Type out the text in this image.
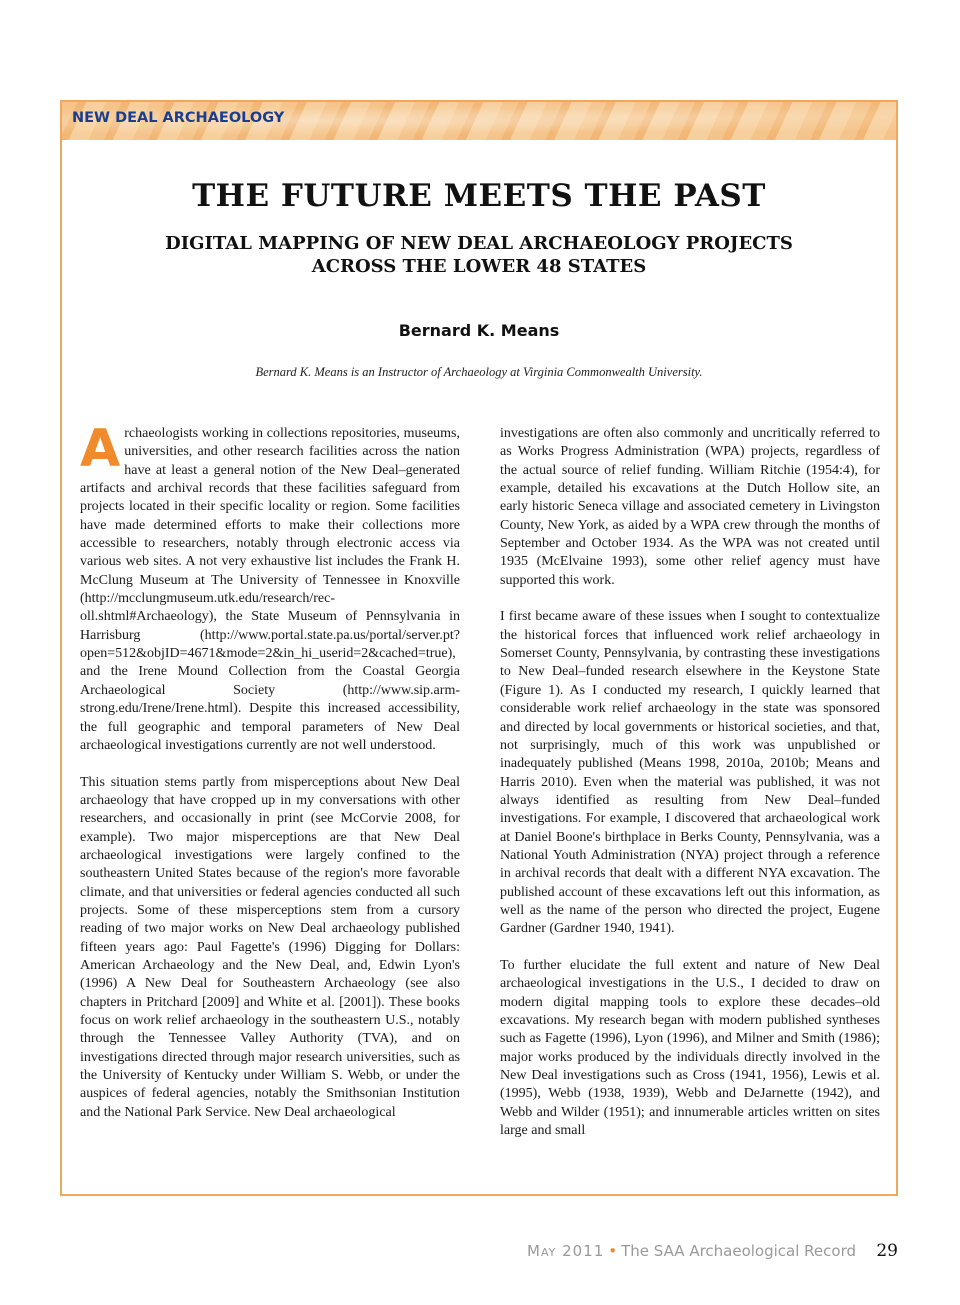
NEW DEAL ARCHAEOLOGY
THE FUTURE MEETS THE PAST
DIGITAL MAPPING OF NEW DEAL ARCHAEOLOGY PROJECTS
ACROSS THE LOWER 48 STATES
Bernard K. Means
Bernard K. Means is an Instructor of Archaeology at Virginia Commonwealth University.

Archaeologists working in collections repositories, museums, universities, and other research facilities across the nation have at least a general notion of the New Deal–generated artifacts and archival records that these facilities safeguard from projects located in their specific locality or region. Some facilities have made determined efforts to make their collections more accessible to researchers, notably through electronic access via various web sites. A not very exhaustive list includes the Frank H. McClung Museum at The University of Tennessee in Knoxville (http://mcclungmuseum.utk.edu/research/rec-oll.shtml#Archaeology), the State Museum of Pennsylvania in Harrisburg (http://www.portal.state.pa.us/portal/server.pt?open=512&objID=4671&mode=2&in_hi_userid=2&cached=true), and the Irene Mound Collection from the Coastal Georgia Archaeological Society (http://www.sip.arm-strong.edu/Irene/Irene.html). Despite this increased accessibility, the full geographic and temporal parameters of New Deal archaeological investigations currently are not well understood.

This situation stems partly from misperceptions about New Deal archaeology that have cropped up in my conversations with other researchers, and occasionally in print (see McCorvie 2008, for example). Two major misperceptions are that New Deal archaeological investigations were largely confined to the southeastern United States because of the region's more favorable climate, and that universities or federal agencies conducted all such projects. Some of these misperceptions stem from a cursory reading of two major works on New Deal archaeology published fifteen years ago: Paul Fagette's (1996) Digging for Dollars: American Archaeology and the New Deal, and, Edwin Lyon's (1996) A New Deal for Southeastern Archaeology (see also chapters in Pritchard [2009] and White et al. [2001]). These books focus on work relief archaeology in the southeastern U.S., notably through the Tennessee Valley Authority (TVA), and on investigations directed through major research universities, such as the University of Kentucky under William S. Webb, or under the auspices of federal agencies, notably the Smithsonian Institution and the National Park Service. New Deal archaeological

investigations are often also commonly and uncritically referred to as Works Progress Administration (WPA) projects, regardless of the actual source of relief funding. William Ritchie (1954:4), for example, detailed his excavations at the Dutch Hollow site, an early historic Seneca village and associated cemetery in Livingston County, New York, as aided by a WPA crew through the months of September and October 1934. As the WPA was not created until 1935 (McElvaine 1993), some other relief agency must have supported this work.

I first became aware of these issues when I sought to contextualize the historical forces that influenced work relief archaeology in Somerset County, Pennsylvania, by contrasting these investigations to New Deal–funded research elsewhere in the Keystone State (Figure 1). As I conducted my research, I quickly learned that considerable work relief archaeology in the state was sponsored and directed by local governments or historical societies, and that, not surprisingly, much of this work was unpublished or inadequately published (Means 1998, 2010a, 2010b; Means and Harris 2010). Even when the material was published, it was not always identified as resulting from New Deal–funded investigations. For example, I discovered that archaeological work at Daniel Boone's birthplace in Berks County, Pennsylvania, was a National Youth Administration (NYA) project through a reference in archival records that dealt with a different NYA excavation. The published account of these excavations left out this information, as well as the name of the person who directed the project, Eugene Gardner (Gardner 1940, 1941).

To further elucidate the full extent and nature of New Deal archaeological investigations in the U.S., I decided to draw on modern digital mapping tools to explore these decades–old excavations. My research began with modern published syntheses such as Fagette (1996), Lyon (1996), and Milner and Smith (1986); major works produced by the individuals directly involved in the New Deal investigations such as Cross (1941, 1956), Lewis et al. (1995), Webb (1938, 1939), Webb and DeJarnette (1942), and Webb and Wilder (1951); and innumerable articles written on sites large and small

May 2011 • The SAA Archaeological Record 29
